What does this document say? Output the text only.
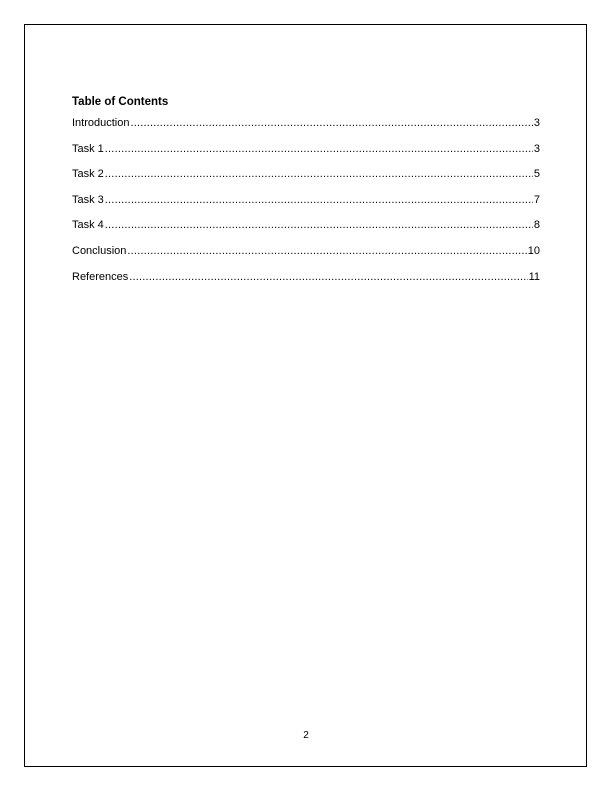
Table of Contents
Introduction .....	3
Task 1 .....	3
Task 2 .....	5
Task 3 .....	7
Task 4 .....	8
Conclusion .....	10
References .....	11
2
